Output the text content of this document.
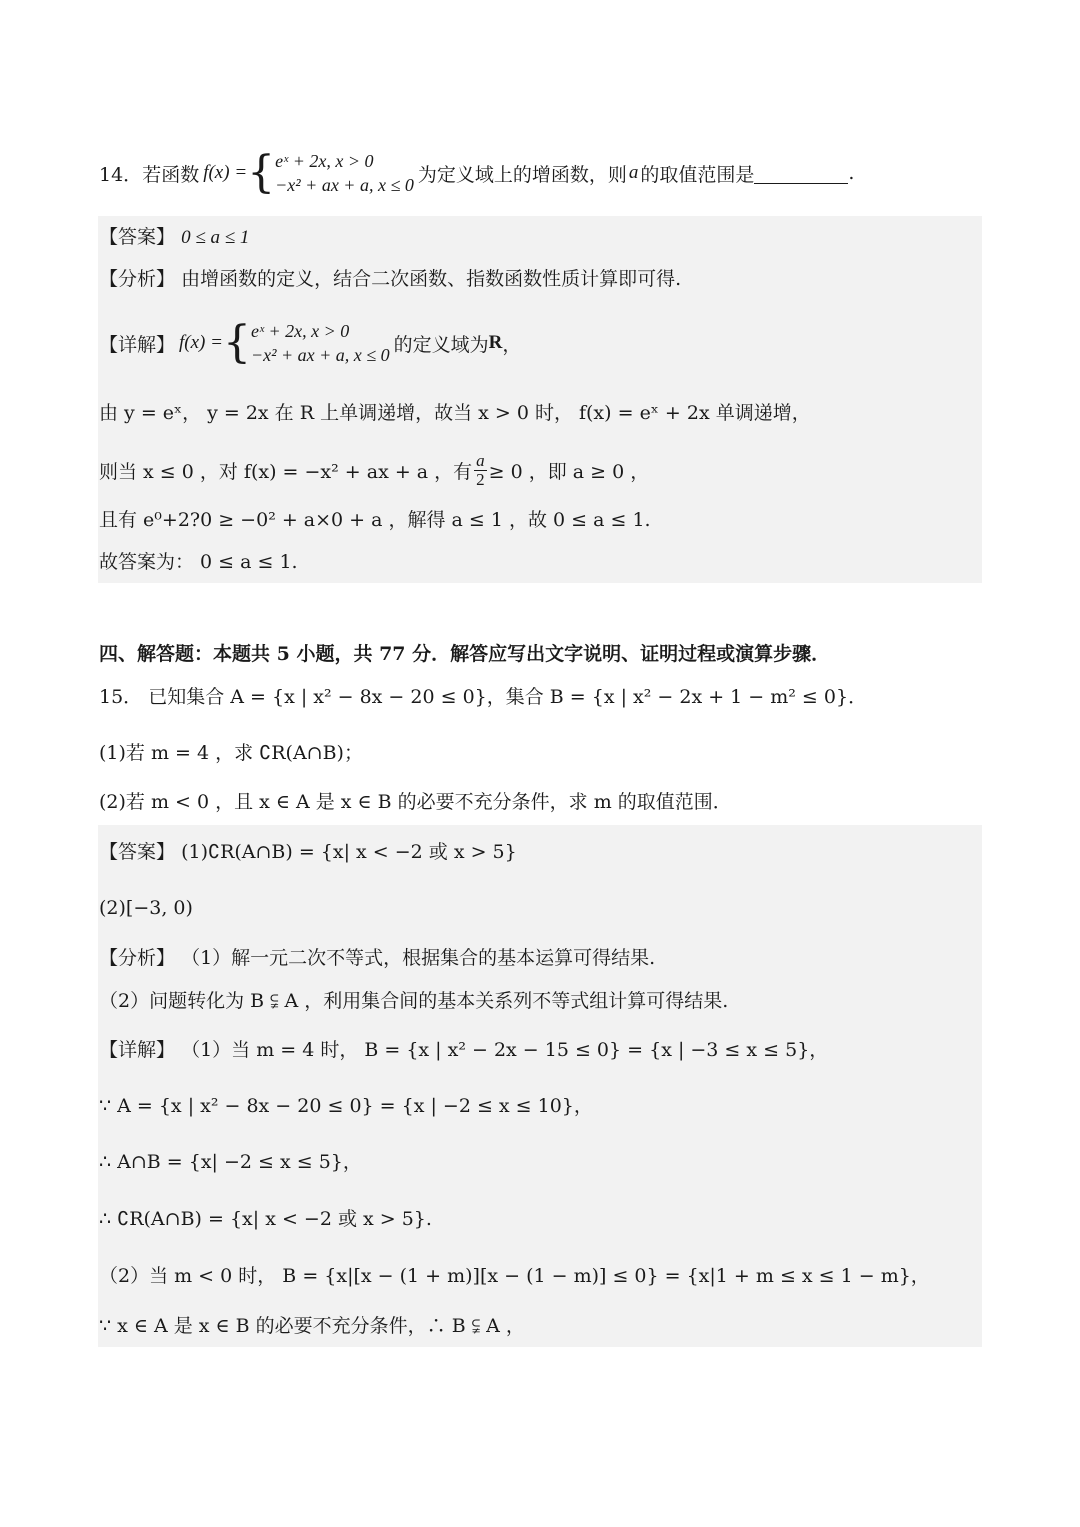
14． 若函数 f(x) = { eˣ + 2x, x > 0
−x² + ax + a, x ≤ 0 为定义域上的增函数，则 a 的取值范围是	.
【答案】 0 ≤ a ≤ 1
【分析】 由增函数的定义，结合二次函数、指数函数性质计算即可得.
【详解】 f(x) = { eˣ + 2x, x > 0
−x² + ax + a, x ≤ 0 的定义域为 R ，
由 y = eˣ， y = 2x 在 R 上单调递增，故当 x > 0 时， f(x) = eˣ + 2x 单调递增，
则当 x ≤ 0 ，对 f(x) = −x² + ax + a ，有 $\frac{a}{2} \ge 0$ ，即 a ≥ 0 ，
且有 e⁰+2?0 ≥ −0² + a×0 + a ，解得 a ≤ 1 ，故 0 ≤ a ≤ 1.
故答案为： 0 ≤ a ≤ 1.
四、解答题：本题共 5 小题，共 77 分．解答应写出文字说明、证明过程或演算步骤．
15． 已知集合 A = {x | x² − 8x − 20 ≤ 0}，集合 B = {x | x² − 2x + 1 − m² ≤ 0}．
(1)若 m = 4 ，求 ∁R(A∩B)；
(2)若 m < 0 ，且 x ∈ A 是 x ∈ B 的必要不充分条件，求 m 的取值范围．
【答案】 (1)∁R(A∩B) = {x| x < −2 或 x > 5}
(2)[−3, 0)
【分析】 （1）解一元二次不等式，根据集合的基本运算可得结果.
（2）问题转化为 B ⫋ A ，利用集合间的基本关系列不等式组计算可得结果.
【详解】 （1）当 m = 4 时， B = {x | x² − 2x − 15 ≤ 0} = {x | −3 ≤ x ≤ 5}，
∵ A = {x | x² − 8x − 20 ≤ 0} = {x | −2 ≤ x ≤ 10}，
∴ A∩B = {x| −2 ≤ x ≤ 5}，
∴ ∁R(A∩B) = {x| x < −2 或 x > 5}.
（2）当 m < 0 时， B = {x|[x − (1 + m)][x − (1 − m)] ≤ 0} = {x|1 + m ≤ x ≤ 1 − m}，
∵ x ∈ A 是 x ∈ B 的必要不充分条件，∴ B ⫋ A ，
